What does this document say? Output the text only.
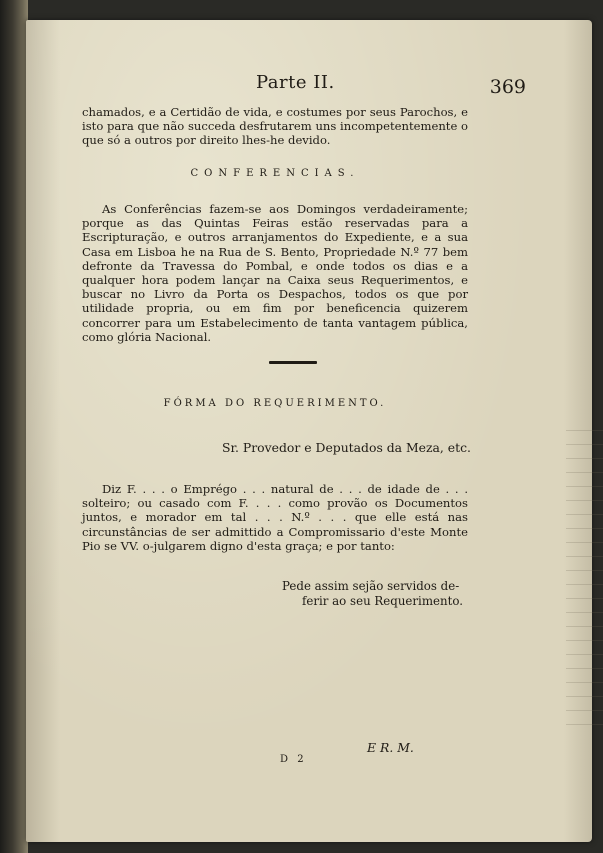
Parte II.	369

chamados, e a Certidão de vida, e costumes por seus Parochos, e isto para que não succeda desfrutarem uns incompetentemente o que só a outros por direito lhes-he devido.

CONFERENCIAS.

As Conferências fazem-se aos Domingos verdadeiramente; porque as das Quintas Feiras estão reservadas para a Escripturação, e outros arranjamentos do Expediente, e a sua Casa em Lisboa he na Rua de S. Bento, Propriedade N.º 77 bem defronte da Travessa do Pombal, e onde todos os dias e a qualquer hora podem lançar na Caixa seus Requerimentos, e buscar no Livro da Porta os Despachos, todos os que por utilidade propria, ou em fim por beneficencia quizerem concorrer para um Estabelecimento de tanta vantagem pública, como glória Nacional.

FÓRMA DO REQUERIMENTO.
Sr. Provedor e Deputados da Meza, etc.

Diz F. . . . o Emprégo . . . natural de . . . de idade de . . . solteiro; ou casado com F. . . . como provão os Documentos juntos, e morador em tal . . . N.º . . . que elle está nas circunstâncias de ser admittido a Compromissario d'este Monte Pio se VV. o-julgarem digno d'esta graça; e por tanto:

Pede assim sejão servidos de-
ferir ao seu Requerimento.

E R. M.
D 2
